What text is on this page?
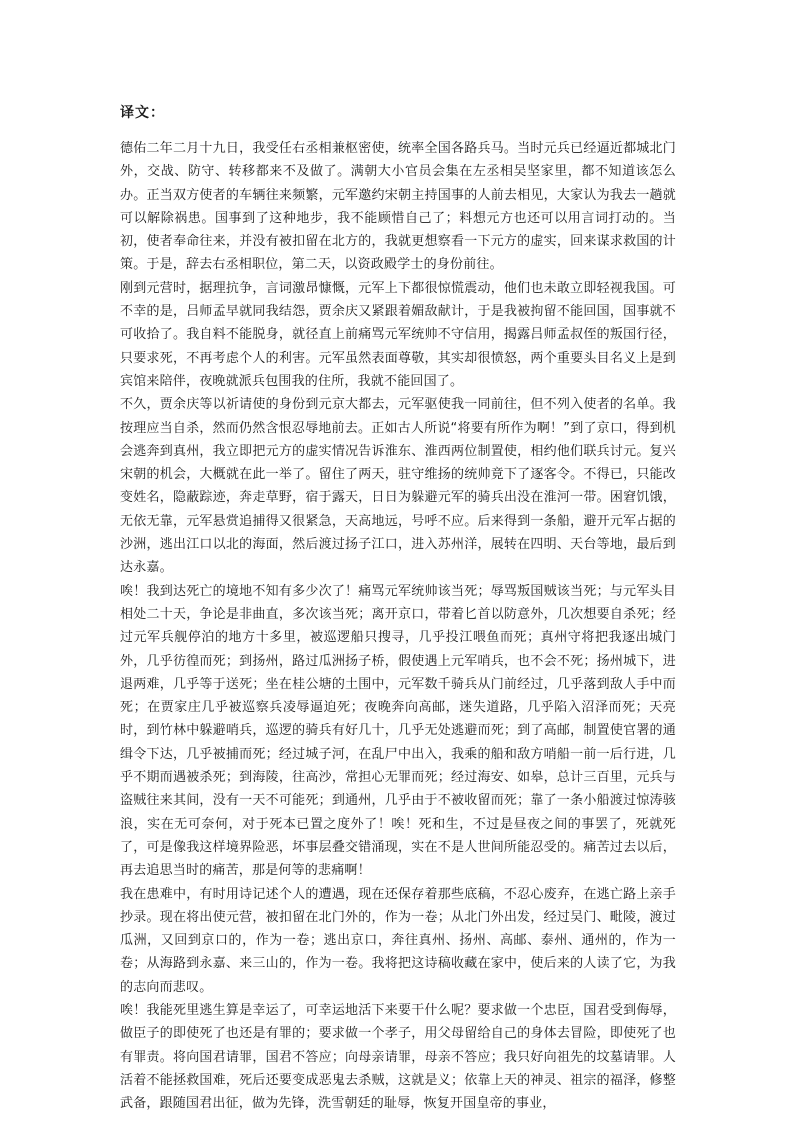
译文：

德佑二年二月十九日，我受任右丞相兼枢密使，统率全国各路兵马。当时元兵已经逼近都城北门外，交战、防守、转移都来不及做了。满朝大小官员会集在左丞相吴坚家里，都不知道该怎么办。正当双方使者的车辆往来频繁，元军邀约宋朝主持国事的人前去相见，大家认为我去一趟就可以解除祸患。国事到了这种地步，我不能顾惜自己了；料想元方也还可以用言词打动的。当初，使者奉命往来，并没有被扣留在北方的，我就更想察看一下元方的虚实，回来谋求救国的计策。于是，辞去右丞相职位，第二天，以资政殿学士的身份前往。

刚到元营时，据理抗争，言词激昂慷慨，元军上下都很惊慌震动，他们也未敢立即轻视我国。可不幸的是，吕师孟早就同我结怨，贾余庆又紧跟着媚敌献计，于是我被拘留不能回国，国事就不可收拾了。我自料不能脱身，就径直上前痛骂元军统帅不守信用，揭露吕师孟叔侄的叛国行径，只要求死，不再考虑个人的利害。元军虽然表面尊敬，其实却很愤怒，两个重要头目名义上是到宾馆来陪伴，夜晚就派兵包围我的住所，我就不能回国了。

不久，贾余庆等以祈请使的身份到元京大都去，元军驱使我一同前往，但不列入使者的名单。我按理应当自杀，然而仍然含恨忍辱地前去。正如古人所说“将要有所作为啊！”到了京口，得到机会逃奔到真州，我立即把元方的虚实情况告诉淮东、淮西两位制置使，相约他们联兵讨元。复兴宋朝的机会，大概就在此一举了。留住了两天，驻守维扬的统帅竟下了逐客令。不得已，只能改变姓名，隐蔽踪迹，奔走草野，宿于露天，日日为躲避元军的骑兵出没在淮河一带。困窘饥饿，无依无靠，元军悬赏追捕得又很紧急，天高地远，号呼不应。后来得到一条船，避开元军占据的沙洲，逃出江口以北的海面，然后渡过扬子江口，进入苏州洋，展转在四明、天台等地，最后到达永嘉。

唉！我到达死亡的境地不知有多少次了！痛骂元军统帅该当死；辱骂叛国贼该当死；与元军头目相处二十天，争论是非曲直，多次该当死；离开京口，带着匕首以防意外，几次想要自杀死；经过元军兵舰停泊的地方十多里，被巡逻船只搜寻，几乎投江喂鱼而死；真州守将把我逐出城门外，几乎彷徨而死；到扬州，路过瓜洲扬子桥，假使遇上元军哨兵，也不会不死；扬州城下，进退两难，几乎等于送死；坐在桂公塘的土围中，元军数千骑兵从门前经过，几乎落到敌人手中而死；在贾家庄几乎被巡察兵凌辱逼迫死；夜晚奔向高邮，迷失道路，几乎陷入沼泽而死；天亮时，到竹林中躲避哨兵，巡逻的骑兵有好几十，几乎无处逃避而死；到了高邮，制置使官署的通缉令下达，几乎被捕而死；经过城子河，在乱尸中出入，我乘的船和敌方哨船一前一后行进，几乎不期而遇被杀死；到海陵，往高沙，常担心无罪而死；经过海安、如皋，总计三百里，元兵与盗贼往来其间，没有一天不可能死；到通州，几乎由于不被收留而死；靠了一条小船渡过惊涛骇浪，实在无可奈何，对于死本已置之度外了！唉！死和生，不过是昼夜之间的事罢了，死就死了，可是像我这样境界险恶，坏事层叠交错涌现，实在不是人世间所能忍受的。痛苦过去以后，再去追思当时的痛苦，那是何等的悲痛啊！

我在患难中，有时用诗记述个人的遭遇，现在还保存着那些底稿，不忍心废弃，在逃亡路上亲手抄录。现在将出使元营，被扣留在北门外的，作为一卷；从北门外出发，经过吴门、毗陵，渡过瓜洲，又回到京口的，作为一卷；逃出京口，奔往真州、扬州、高邮、泰州、通州的，作为一卷；从海路到永嘉、来三山的，作为一卷。我将把这诗稿收藏在家中，使后来的人读了它，为我的志向而悲叹。

唉！我能死里逃生算是幸运了，可幸运地活下来要干什么呢？要求做一个忠臣，国君受到侮辱，做臣子的即使死了也还是有罪的；要求做一个孝子，用父母留给自己的身体去冒险，即使死了也有罪责。将向国君请罪，国君不答应；向母亲请罪，母亲不答应；我只好向祖先的坟墓请罪。人活着不能拯救国难，死后还要变成恶鬼去杀贼，这就是义；依靠上天的神灵、祖宗的福泽，修整武备，跟随国君出征，做为先锋，洗雪朝廷的耻辱，恢复开国皇帝的事业，
